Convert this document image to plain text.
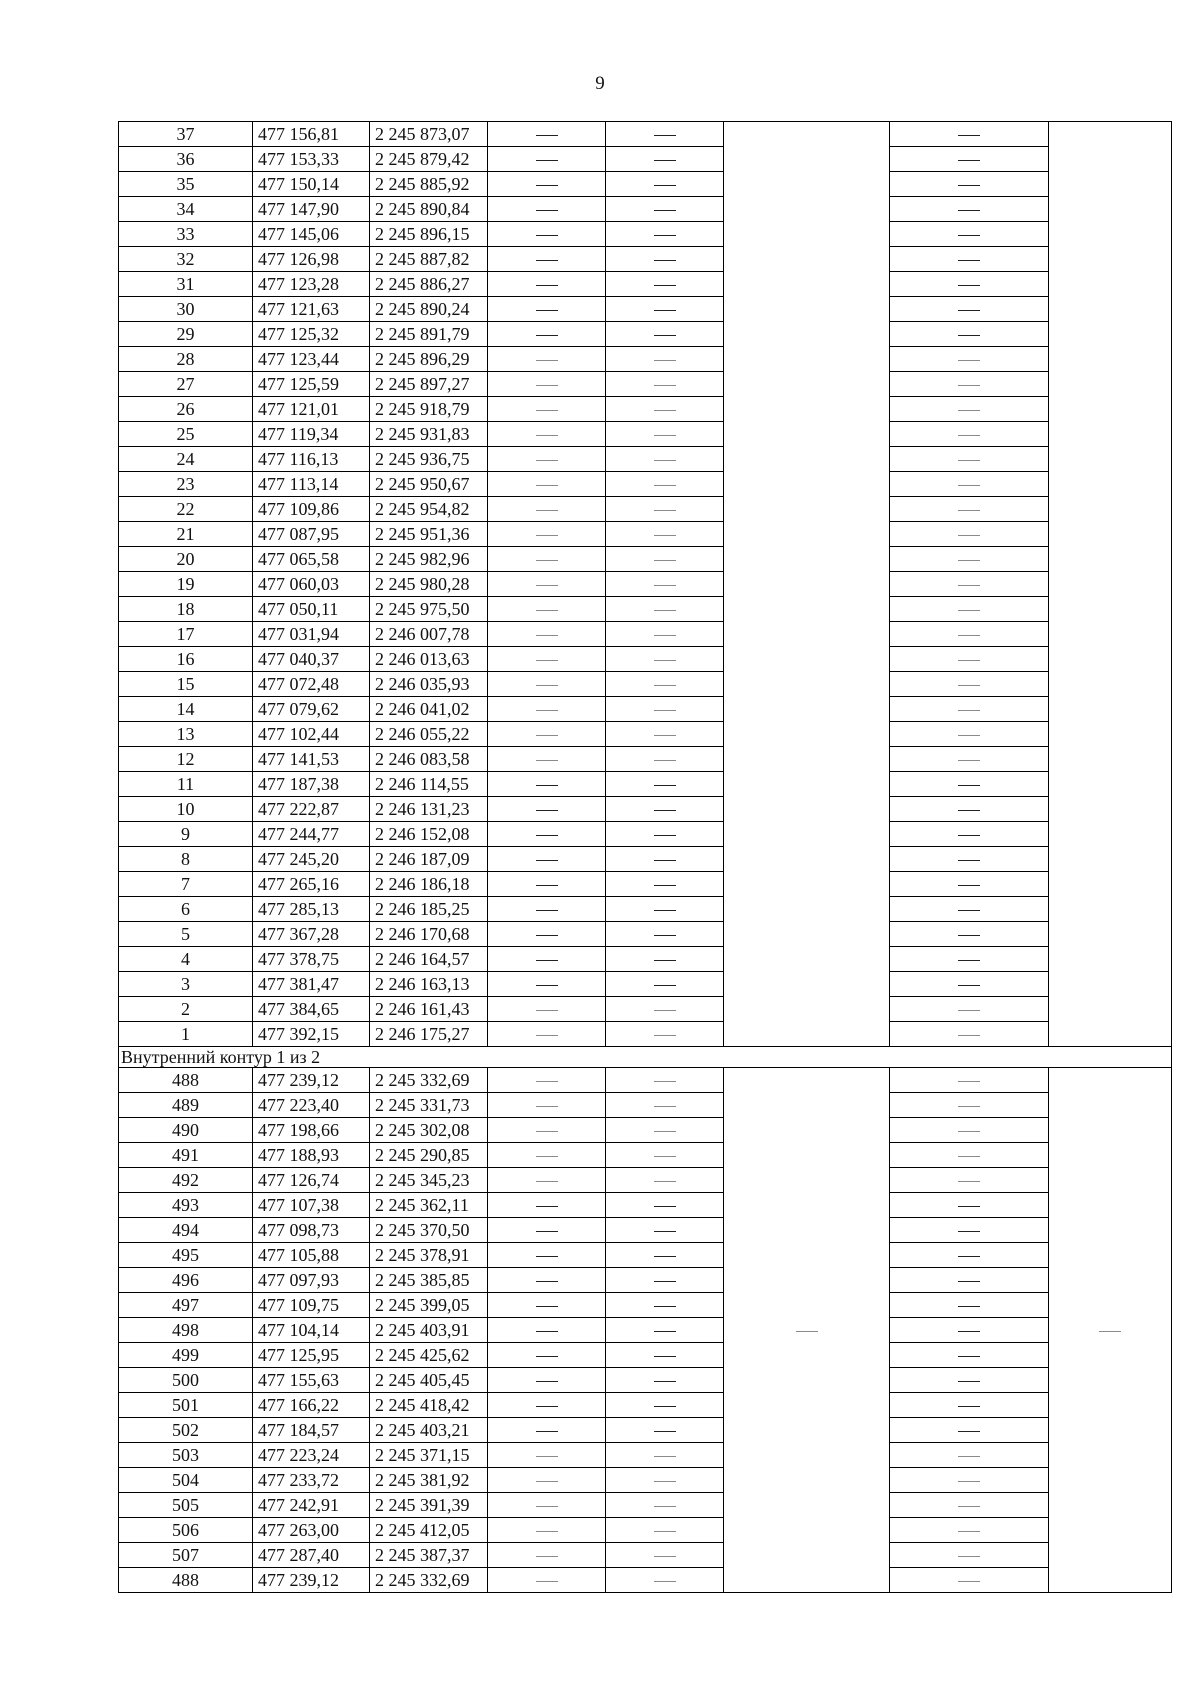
9
37	477 156,81	2 245 873,07					
36	477 153,33	2 245 879,42					
35	477 150,14	2 245 885,92					
34	477 147,90	2 245 890,84					
33	477 145,06	2 245 896,15					
32	477 126,98	2 245 887,82					
31	477 123,28	2 245 886,27					
30	477 121,63	2 245 890,24					
29	477 125,32	2 245 891,79					
28	477 123,44	2 245 896,29					
27	477 125,59	2 245 897,27					
26	477 121,01	2 245 918,79					
25	477 119,34	2 245 931,83					
24	477 116,13	2 245 936,75					
23	477 113,14	2 245 950,67					
22	477 109,86	2 245 954,82					
21	477 087,95	2 245 951,36					
20	477 065,58	2 245 982,96					
19	477 060,03	2 245 980,28					
18	477 050,11	2 245 975,50					
17	477 031,94	2 246 007,78					
16	477 040,37	2 246 013,63					
15	477 072,48	2 246 035,93					
14	477 079,62	2 246 041,02					
13	477 102,44	2 246 055,22					
12	477 141,53	2 246 083,58					
11	477 187,38	2 246 114,55					
10	477 222,87	2 246 131,23					
9	477 244,77	2 246 152,08					
8	477 245,20	2 246 187,09					
7	477 265,16	2 246 186,18					
6	477 285,13	2 246 185,25					
5	477 367,28	2 246 170,68					
4	477 378,75	2 246 164,57					
3	477 381,47	2 246 163,13					
2	477 384,65	2 246 161,43					
1	477 392,15	2 246 175,27					
Внутренний контур 1 из 2							
488	477 239,12	2 245 332,69					
489	477 223,40	2 245 331,73					
490	477 198,66	2 245 302,08					
491	477 188,93	2 245 290,85					
492	477 126,74	2 245 345,23					
493	477 107,38	2 245 362,11					
494	477 098,73	2 245 370,50					
495	477 105,88	2 245 378,91					
496	477 097,93	2 245 385,85					
497	477 109,75	2 245 399,05					
498	477 104,14	2 245 403,91					
499	477 125,95	2 245 425,62					
500	477 155,63	2 245 405,45					
501	477 166,22	2 245 418,42					
502	477 184,57	2 245 403,21					
503	477 223,24	2 245 371,15					
504	477 233,72	2 245 381,92					
505	477 242,91	2 245 391,39					
506	477 263,00	2 245 412,05					
507	477 287,40	2 245 387,37					
488	477 239,12	2 245 332,69					
